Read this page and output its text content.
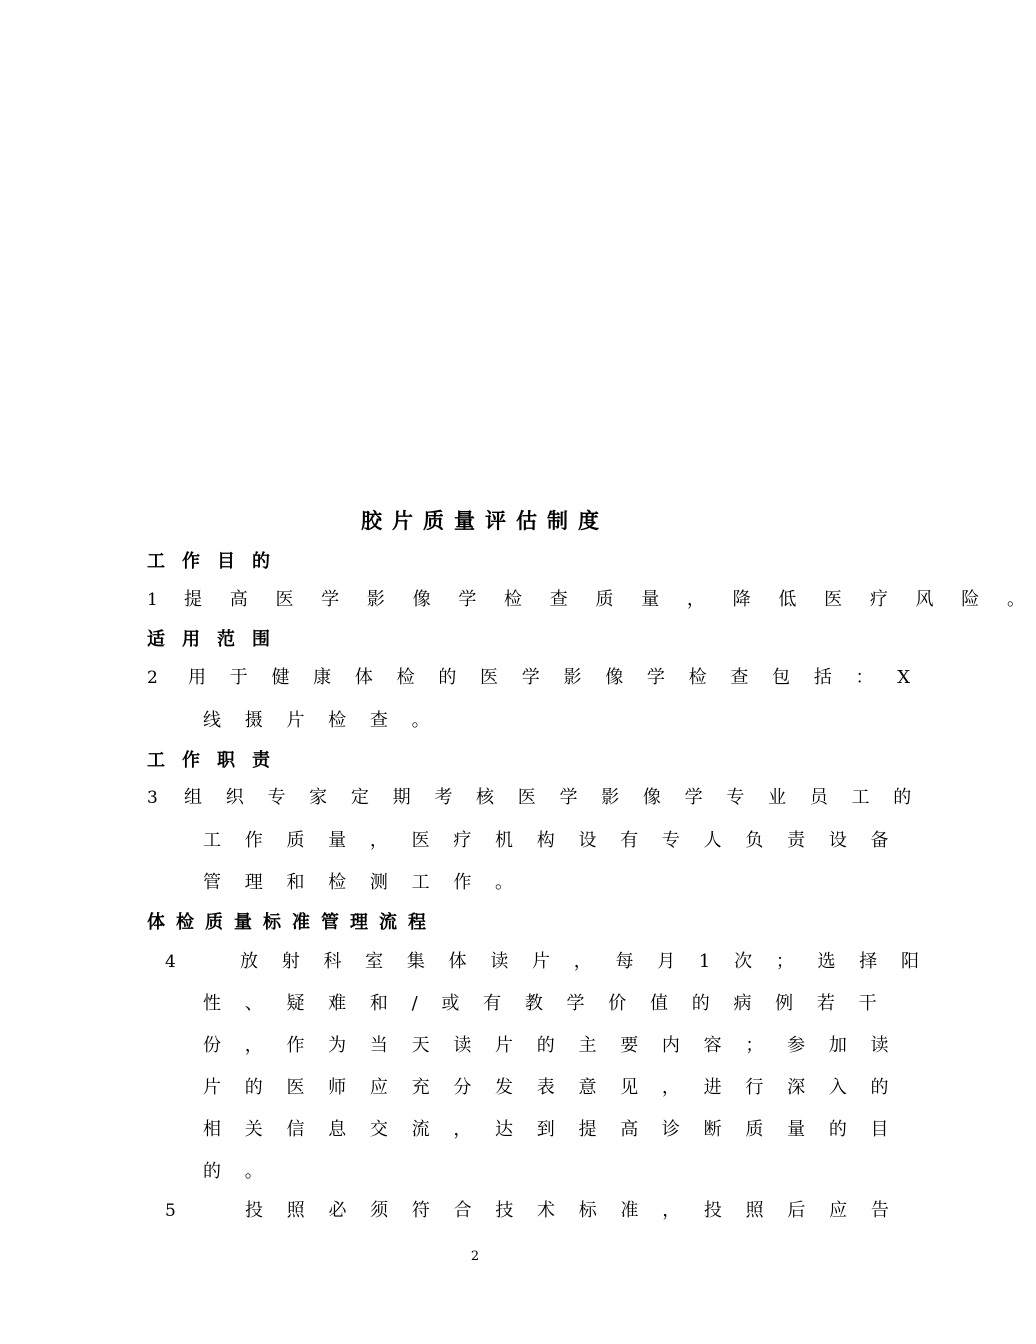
胶片质量评估制度
工作目的
1 提 高 医 学 影 像 学 检 查 质 量 ， 降 低 医 疗 风 险 。
适用范围
2 用 于 健 康 体 检 的 医 学 影 像 学 检 查 包 括 ： X
线 摄 片 检 查 。
工作职责
3 组 织 专 家 定 期 考 核 医 学 影 像 学 专 业 员 工 的
工 作 质 量 ， 医 疗 机 构 设 有 专 人 负 责 设 备
管 理 和 检 测 工 作 。
体检质量标准管理流程
4	放 射 科 室 集 体 读 片 ， 每 月 1 次 ； 选 择 阳
性 、 疑 难 和 / 或 有 教 学 价 值 的 病 例 若 干
份 ， 作 为 当 天 读 片 的 主 要 内 容 ； 参 加 读
片 的 医 师 应 充 分 发 表 意 见 ， 进 行 深 入 的
相 关 信 息 交 流 ， 达 到 提 高 诊 断 质 量 的 目
的 。
5	投 照 必 须 符 合 技 术 标 准 ， 投 照 后 应 告
2
